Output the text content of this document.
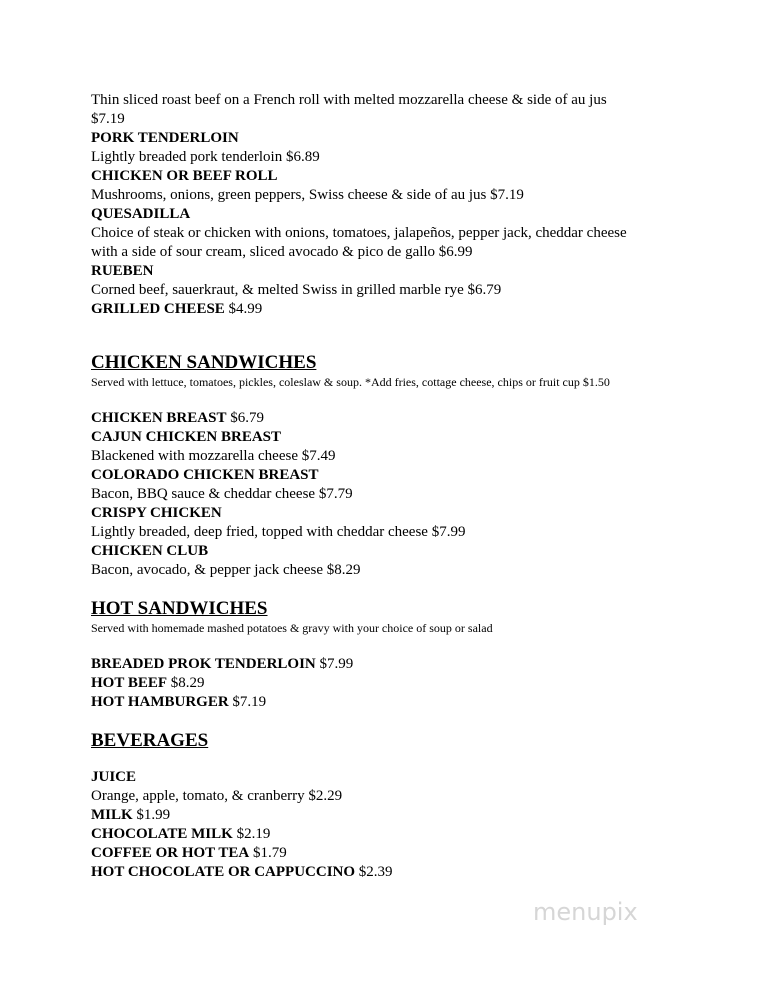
Thin sliced roast beef on a French roll with melted mozzarella cheese & side of au jus
$7.19
PORK TENDERLOIN
Lightly breaded pork tenderloin $6.89
CHICKEN OR BEEF ROLL
Mushrooms, onions, green peppers, Swiss cheese & side of au jus $7.19
QUESADILLA
Choice of steak or chicken with onions, tomatoes, jalapeños, pepper jack, cheddar cheese
with a side of sour cream, sliced avocado & pico de gallo $6.99
RUEBEN
Corned beef, sauerkraut, & melted Swiss in grilled marble rye $6.79
GRILLED CHEESE $4.99
CHICKEN SANDWICHES
Served with lettuce, tomatoes, pickles, coleslaw & soup. *Add fries, cottage cheese, chips or fruit cup $1.50
CHICKEN BREAST $6.79
CAJUN CHICKEN BREAST
Blackened with mozzarella cheese $7.49
COLORADO CHICKEN BREAST
Bacon, BBQ sauce & cheddar cheese $7.79
CRISPY CHICKEN
Lightly breaded, deep fried, topped with cheddar cheese $7.99
CHICKEN CLUB
Bacon, avocado, & pepper jack cheese $8.29
HOT SANDWICHES
Served with homemade mashed potatoes & gravy with your choice of soup or salad
BREADED PROK TENDERLOIN $7.99
HOT BEEF $8.29
HOT HAMBURGER $7.19
BEVERAGES
JUICE
Orange, apple, tomato, & cranberry $2.29
MILK $1.99
CHOCOLATE MILK $2.19
COFFEE OR HOT TEA $1.79
HOT CHOCOLATE OR CAPPUCCINO $2.39
menupix
